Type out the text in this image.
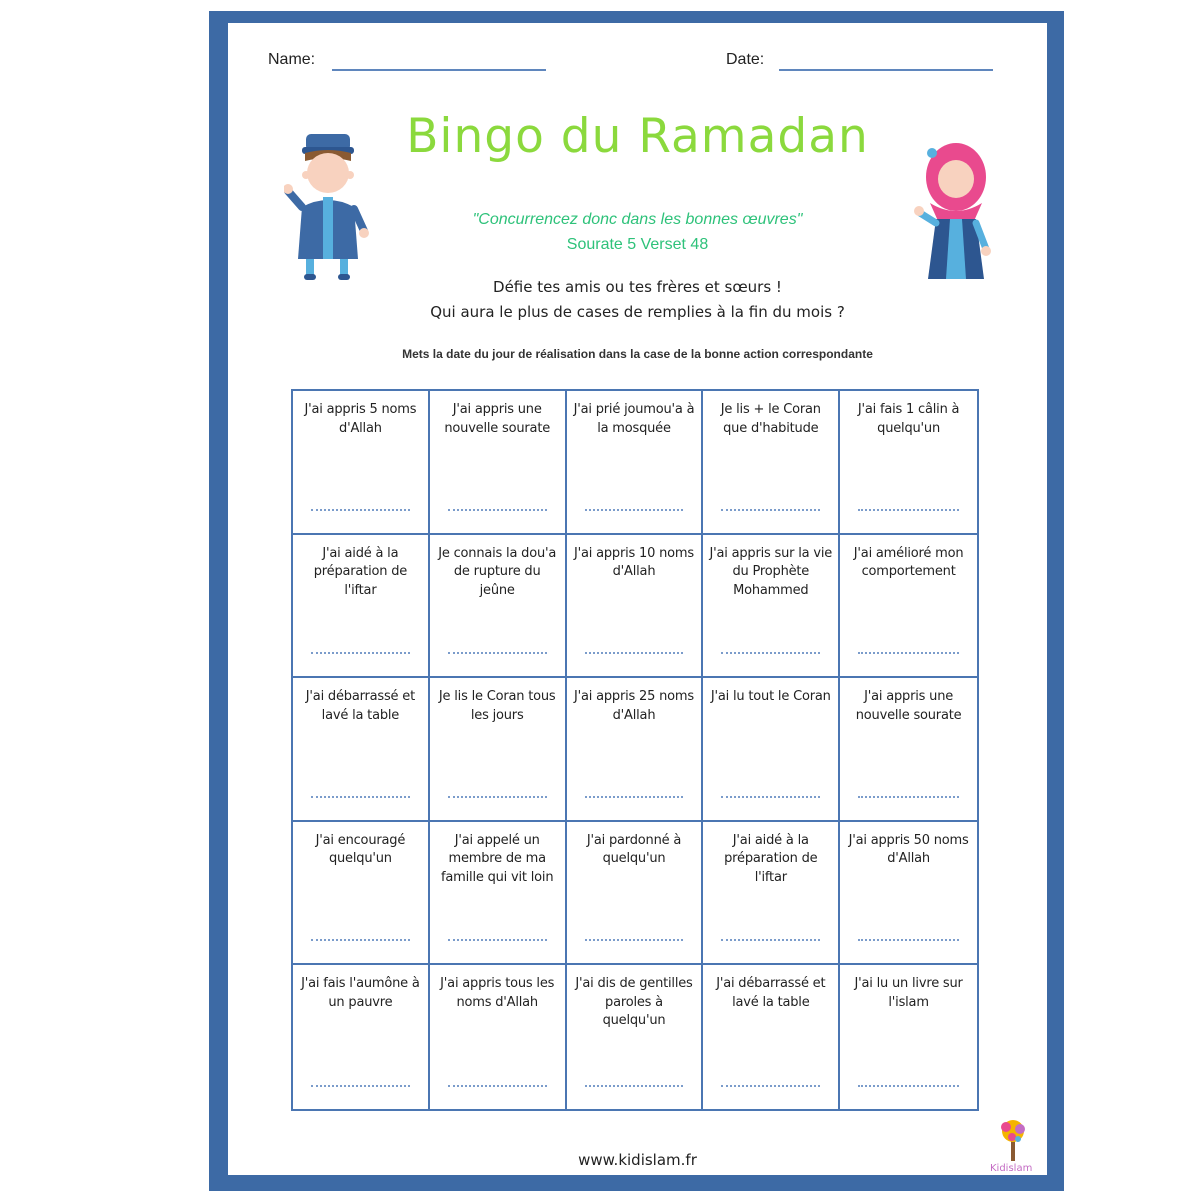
Name:	Date:
Bingo du Ramadan
"Concurrencez donc dans les bonnes œuvres"
Sourate 5 Verset 48
Défie tes amis ou tes frères et sœurs !
Qui aura le plus de cases de remplies à la fin du mois ?
Mets la date du jour de réalisation dans la case de la bonne action correspondante
J'ai appris 5 noms d'Allah
J'ai appris une nouvelle sourate
J'ai prié joumou'a à la mosquée
Je lis + le Coran que d'habitude
J'ai fais 1 câlin à quelqu'un
J'ai aidé à la préparation de l'iftar
Je connais la dou'a de rupture du jeûne
J'ai appris 10 noms d'Allah
J'ai appris sur la vie du Prophète Mohammed
J'ai amélioré mon comportement
J'ai débarrassé et lavé la table
Je lis le Coran tous les jours
J'ai appris 25 noms d'Allah
J'ai lu tout le Coran	J'ai appris une nouvelle sourate
J'ai encouragé quelqu'un
J'ai appelé un membre de ma famille qui vit loin
J'ai pardonné à quelqu'un
J'ai aidé à la préparation de l'iftar
J'ai appris 50 noms d'Allah
J'ai fais l'aumône à un pauvre
J'ai appris tous les noms d'Allah
J'ai dis de gentilles paroles à quelqu'un
J'ai débarrassé et lavé la table
J'ai lu un livre sur l'islam
www.kidislam.fr	Kidislam
